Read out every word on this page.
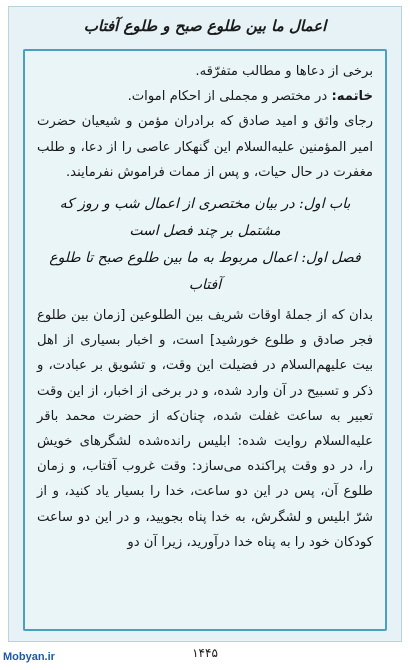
اعمال ما بین طلوع صبح و طلوع آفتاب

برخی از دعاها و مطالب متفرّقه.

خاتمه: در مختصر و مجملی از احکام اموات.

رجای واثق و امید صادق که برادران مؤمن و شیعیان حضرت امیر المؤمنین علیه‌السلام این گنهکار عاصی را از دعا، و طلب مغفرت در حال حیات، و پس از ممات فراموش نفرمایند.

باب اول: در بیان مختصری از اعمال شب و روز که مشتمل بر چند فصل است

فصل اول: اعمال مربوط به ما بین طلوع صبح تا طلوع آفتاب

بدان که از جملهٔ اوقات شریف بین الطلوعین [زمان بین طلوع فجر صادق و طلوع خورشید] است، و اخبار بسیاری از اهل بیت علیهم‌السلام در فضیلت این وقت، و تشویق بر عبادت، و ذکر و تسبیح در آن وارد شده، و در برخی از اخبار، از این وقت تعبیر به ساعت غفلت شده، چنان‌که از حضرت محمد باقر علیه‌السلام روایت شده: ابلیس رانده‌شده لشگرهای خویش را، در دو وقت پراکنده می‌سازد: وقت غروب آفتاب، و زمان طلوع آن، پس در این دو ساعت، خدا را بسیار یاد کنید، و از شرّ ابلیس و لشگرش، به خدا پناه بجویید، و در این دو ساعت کودکان خود را به پناه خدا درآورید، زیرا آن دو

۱۴۴۵
Mobyan.ir
